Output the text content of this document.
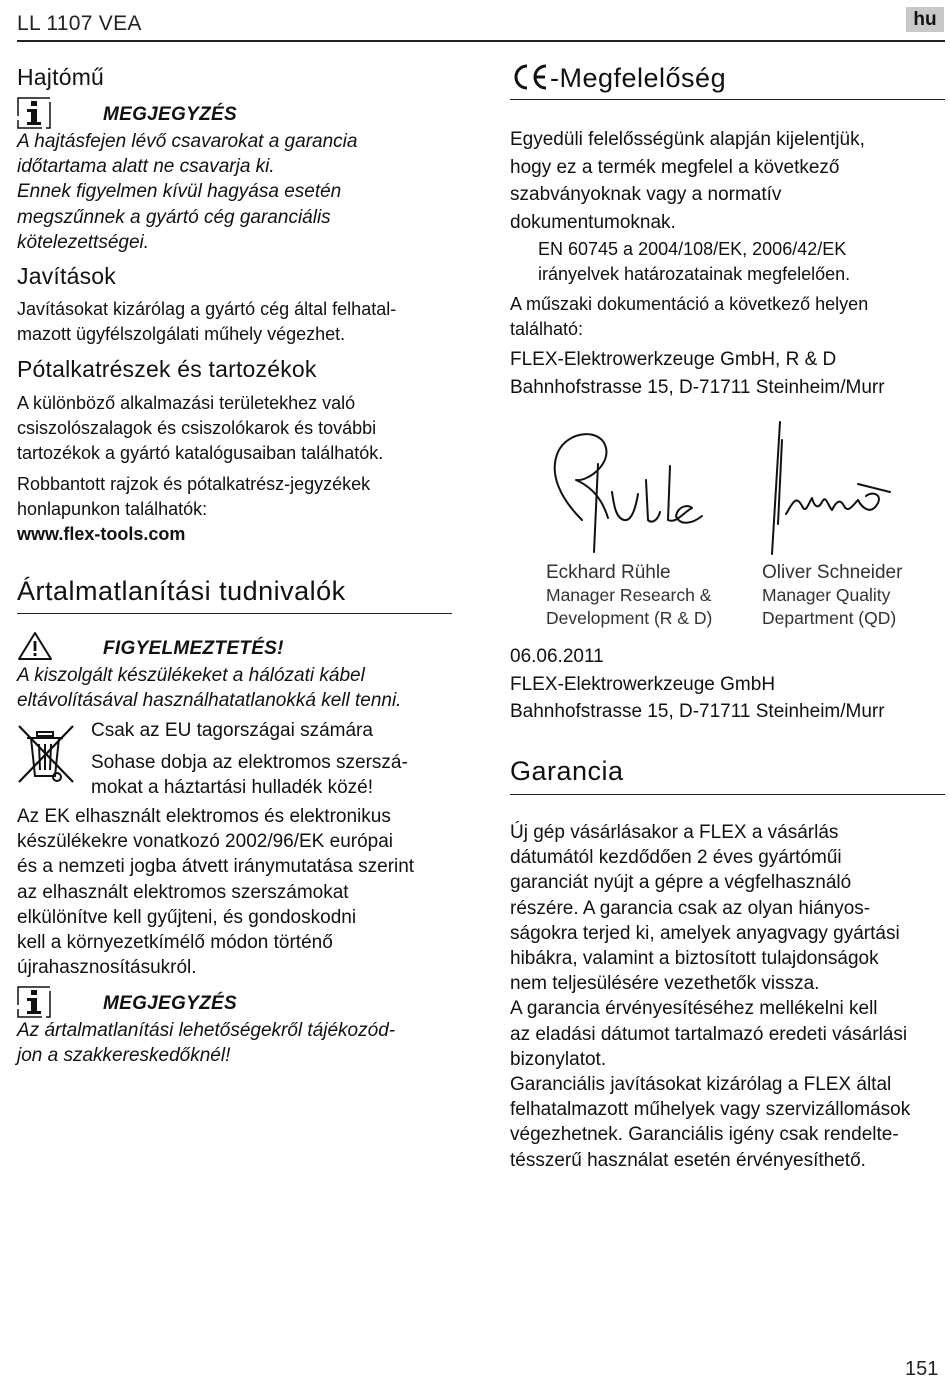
LL 1107 VEA	hu
Hajtómű
MEGJEGYZÉS
A hajtásfejen lévő csavarokat a garancia
időtartama alatt ne csavarja ki.
Ennek figyelmen kívül hagyása esetén
megszűnnek a gyártó cég garanciális
kötelezettségei.
Javítások
Javításokat kizárólag a gyártó cég által felhatal-
mazott ügyfélszolgálati műhely végezhet.
Pótalkatrészek és tartozékok
A különböző alkalmazási területekhez való
csiszolószalagok és csiszolókarok és további
tartozékok a gyártó katalógusaiban találhatók.
Robbantott rajzok és pótalkatrész-jegyzékek
honlapunkon találhatók:
www.flex-tools.com
Ártalmatlanítási tudnivalók
FIGYELMEZTETÉS!
A kiszolgált készülékeket a hálózati kábel
eltávolításával használhatatlanokká kell tenni.
Csak az EU tagországai számára
Sohase dobja az elektromos szerszá-
mokat a háztartási hulladék közé!
Az EK elhasznált elektromos és elektronikus
készülékekre vonatkozó 2002/96/EK európai
és a nemzeti jogba átvett iránymutatása szerint
az elhasznált elektromos szerszámokat
elkülönítve kell gyűjteni, és gondoskodni
kell a környezetkímélő módon történő
újrahasznosításukról.
MEGJEGYZÉS
Az ártalmatlanítási lehetőségekről tájékozód-
jon a szakkereskedőknél!
-Megfelelőség
Egyedüli felelősségünk alapján kijelentjük,
hogy ez a termék megfelel a következő
szabványoknak vagy a normatív
dokumentumoknak.
EN 60745 a 2004/108/EK, 2006/42/EK
irányelvek határozatainak megfelelően.
A műszaki dokumentáció a következő helyen
található:
FLEX-Elektrowerkzeuge GmbH, R & D
Bahnhofstrasse 15, D-71711 Steinheim/Murr
Eckhard Rühle
Manager Research &
Development (R & D)
Oliver Schneider
Manager Quality
Department (QD)
06.06.2011
FLEX-Elektrowerkzeuge GmbH
Bahnhofstrasse 15, D-71711 Steinheim/Murr
Garancia
Új gép vásárlásakor a FLEX a vásárlás
dátumától kezdődően 2 éves gyártóműi
garanciát nyújt a gépre a végfelhasználó
részére. A garancia csak az olyan hiányos-
ságokra terjed ki, amelyek anyagvagy gyártási
hibákra, valamint a biztosított tulajdonságok
nem teljesülésére vezethetők vissza.
A garancia érvényesítéséhez mellékelni kell
az eladási dátumot tartalmazó eredeti vásárlási
bizonylatot.
Garanciális javításokat kizárólag a FLEX által
felhatalmazott műhelyek vagy szervizállomások
végezhetnek. Garanciális igény csak rendelte-
tésszerű használat esetén érvényesíthető.
151
